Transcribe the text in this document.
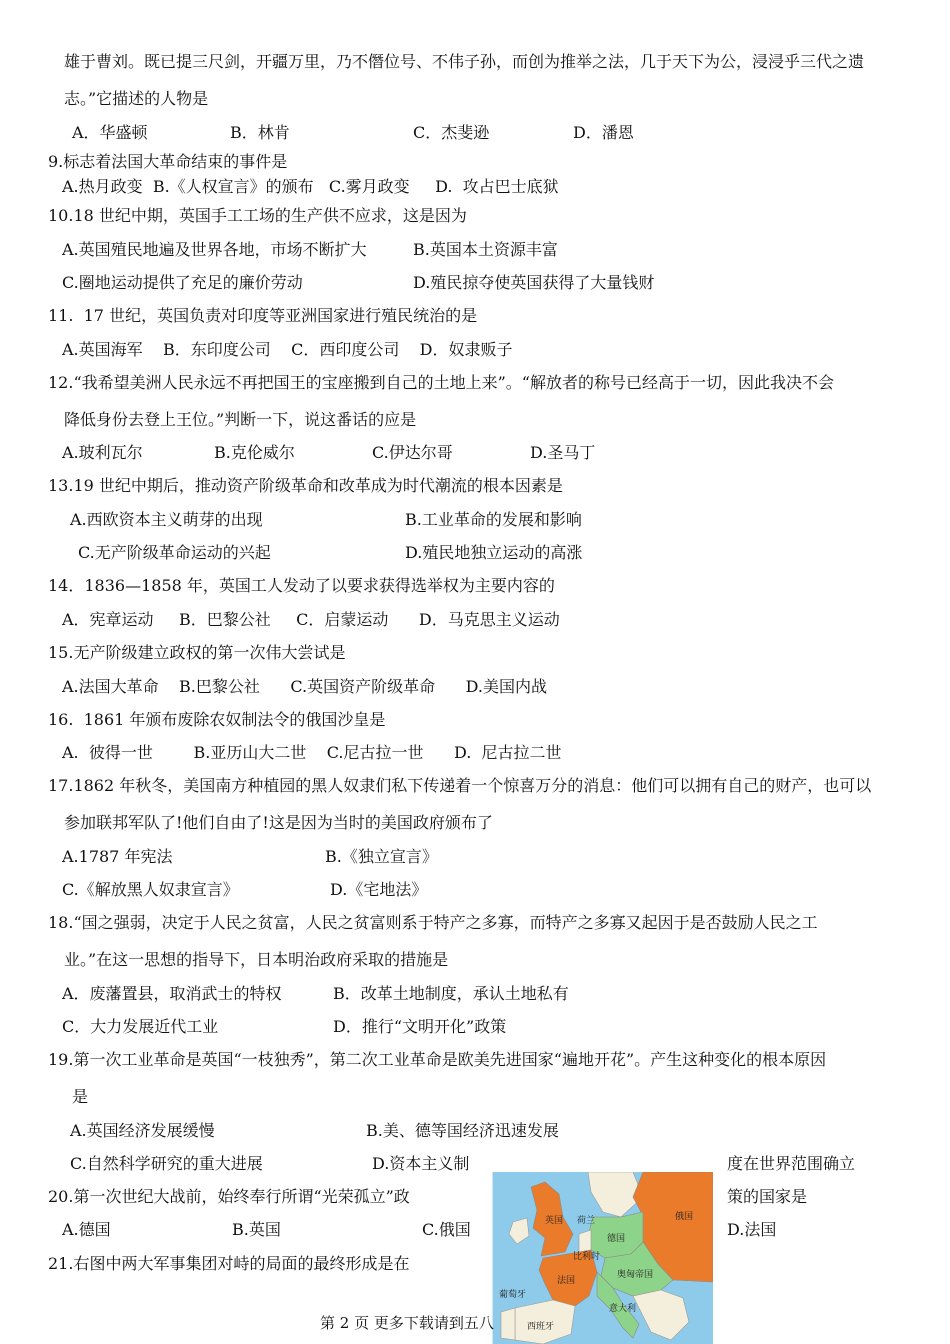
雄于曹刘。既已提三尺剑，开疆万里，乃不僭位号、不伟子孙，而创为推举之法，几于天下为公，浸浸乎三代之遗
志。”它描述的人物是
A．华盛顿	B．林肯	C．杰斐逊	D．潘恩
9.标志着法国大革命结束的事件是
A.热月政变  B.《人权宣言》的颁布   C.雾月政变     D.  攻占巴士底狱
10.18 世纪中期，英国手工工场的生产供不应求，这是因为
A.英国殖民地遍及世界各地，市场不断扩大	B.英国本土资源丰富
C.圈地运动提供了充足的廉价劳动	D.殖民掠夺使英国获得了大量钱财
11.  17 世纪，英国负责对印度等亚洲国家进行殖民统治的是
A.英国海军    B．东印度公司    C．西印度公司    D．奴隶贩子
12.“我希望美洲人民永远不再把国王的宝座搬到自己的土地上来”。“解放者的称号已经高于一切，因此我决不会
降低身份去登上王位。”判断一下，说这番话的应是
A.玻利瓦尔	B.克伦威尔	C.伊达尔哥	D.圣马丁
13.19 世纪中期后，推动资产阶级革命和改革成为时代潮流的根本因素是
A.西欧资本主义萌芽的出现	B.工业革命的发展和影响
C.无产阶级革命运动的兴起	D.殖民地独立运动的高涨
14．1836—1858 年，英国工人发动了以要求获得选举权为主要内容的
A．宪章运动     B．巴黎公社     C．启蒙运动      D．马克思主义运动
15.无产阶级建立政权的第一次伟大尝试是
A.法国大革命    B.巴黎公社      C.英国资产阶级革命      D.美国内战
16.  1861 年颁布废除农奴制法令的俄国沙皇是
A.  彼得一世        B.亚历山大二世    C.尼古拉一世      D.  尼古拉二世
17.1862 年秋冬，美国南方种植园的黑人奴隶们私下传递着一个惊喜万分的消息：他们可以拥有自己的财产，也可以
参加联邦军队了!他们自由了!这是因为当时的美国政府颁布了
A.1787 年宪法	B.《独立宣言》
C.《解放黑人奴隶宣言》	D.《宅地法》
18.“国之强弱，决定于人民之贫富，人民之贫富则系于特产之多寡，而特产之多寡又起因于是否鼓励人民之工
业。”在这一思想的指导下，日本明治政府采取的措施是
A．废藩置县，取消武士的特权	B．改革土地制度，承认土地私有
C．大力发展近代工业	D．推行“文明开化”政策
19.第一次工业革命是英国“一枝独秀”，第二次工业革命是欧美先进国家“遍地开花”。产生这种变化的根本原因
是
A.英国经济发展缓慢	B.美、德等国经济迅速发展
C.自然科学研究的重大进展	D.资本主义制	度在世界范围确立
20.第一次世纪大战前，始终奉行所谓“光荣孤立”政	策的国家是
A.德国	B.英国	C.俄国	D.法国
21.右图中两大军事集团对峙的局面的最终形成是在
英国
德国
俄国
法国
奥匈帝国
意大利
西班牙
葡萄牙
荷兰
比利时
第 2 页 更多下载请到五八
